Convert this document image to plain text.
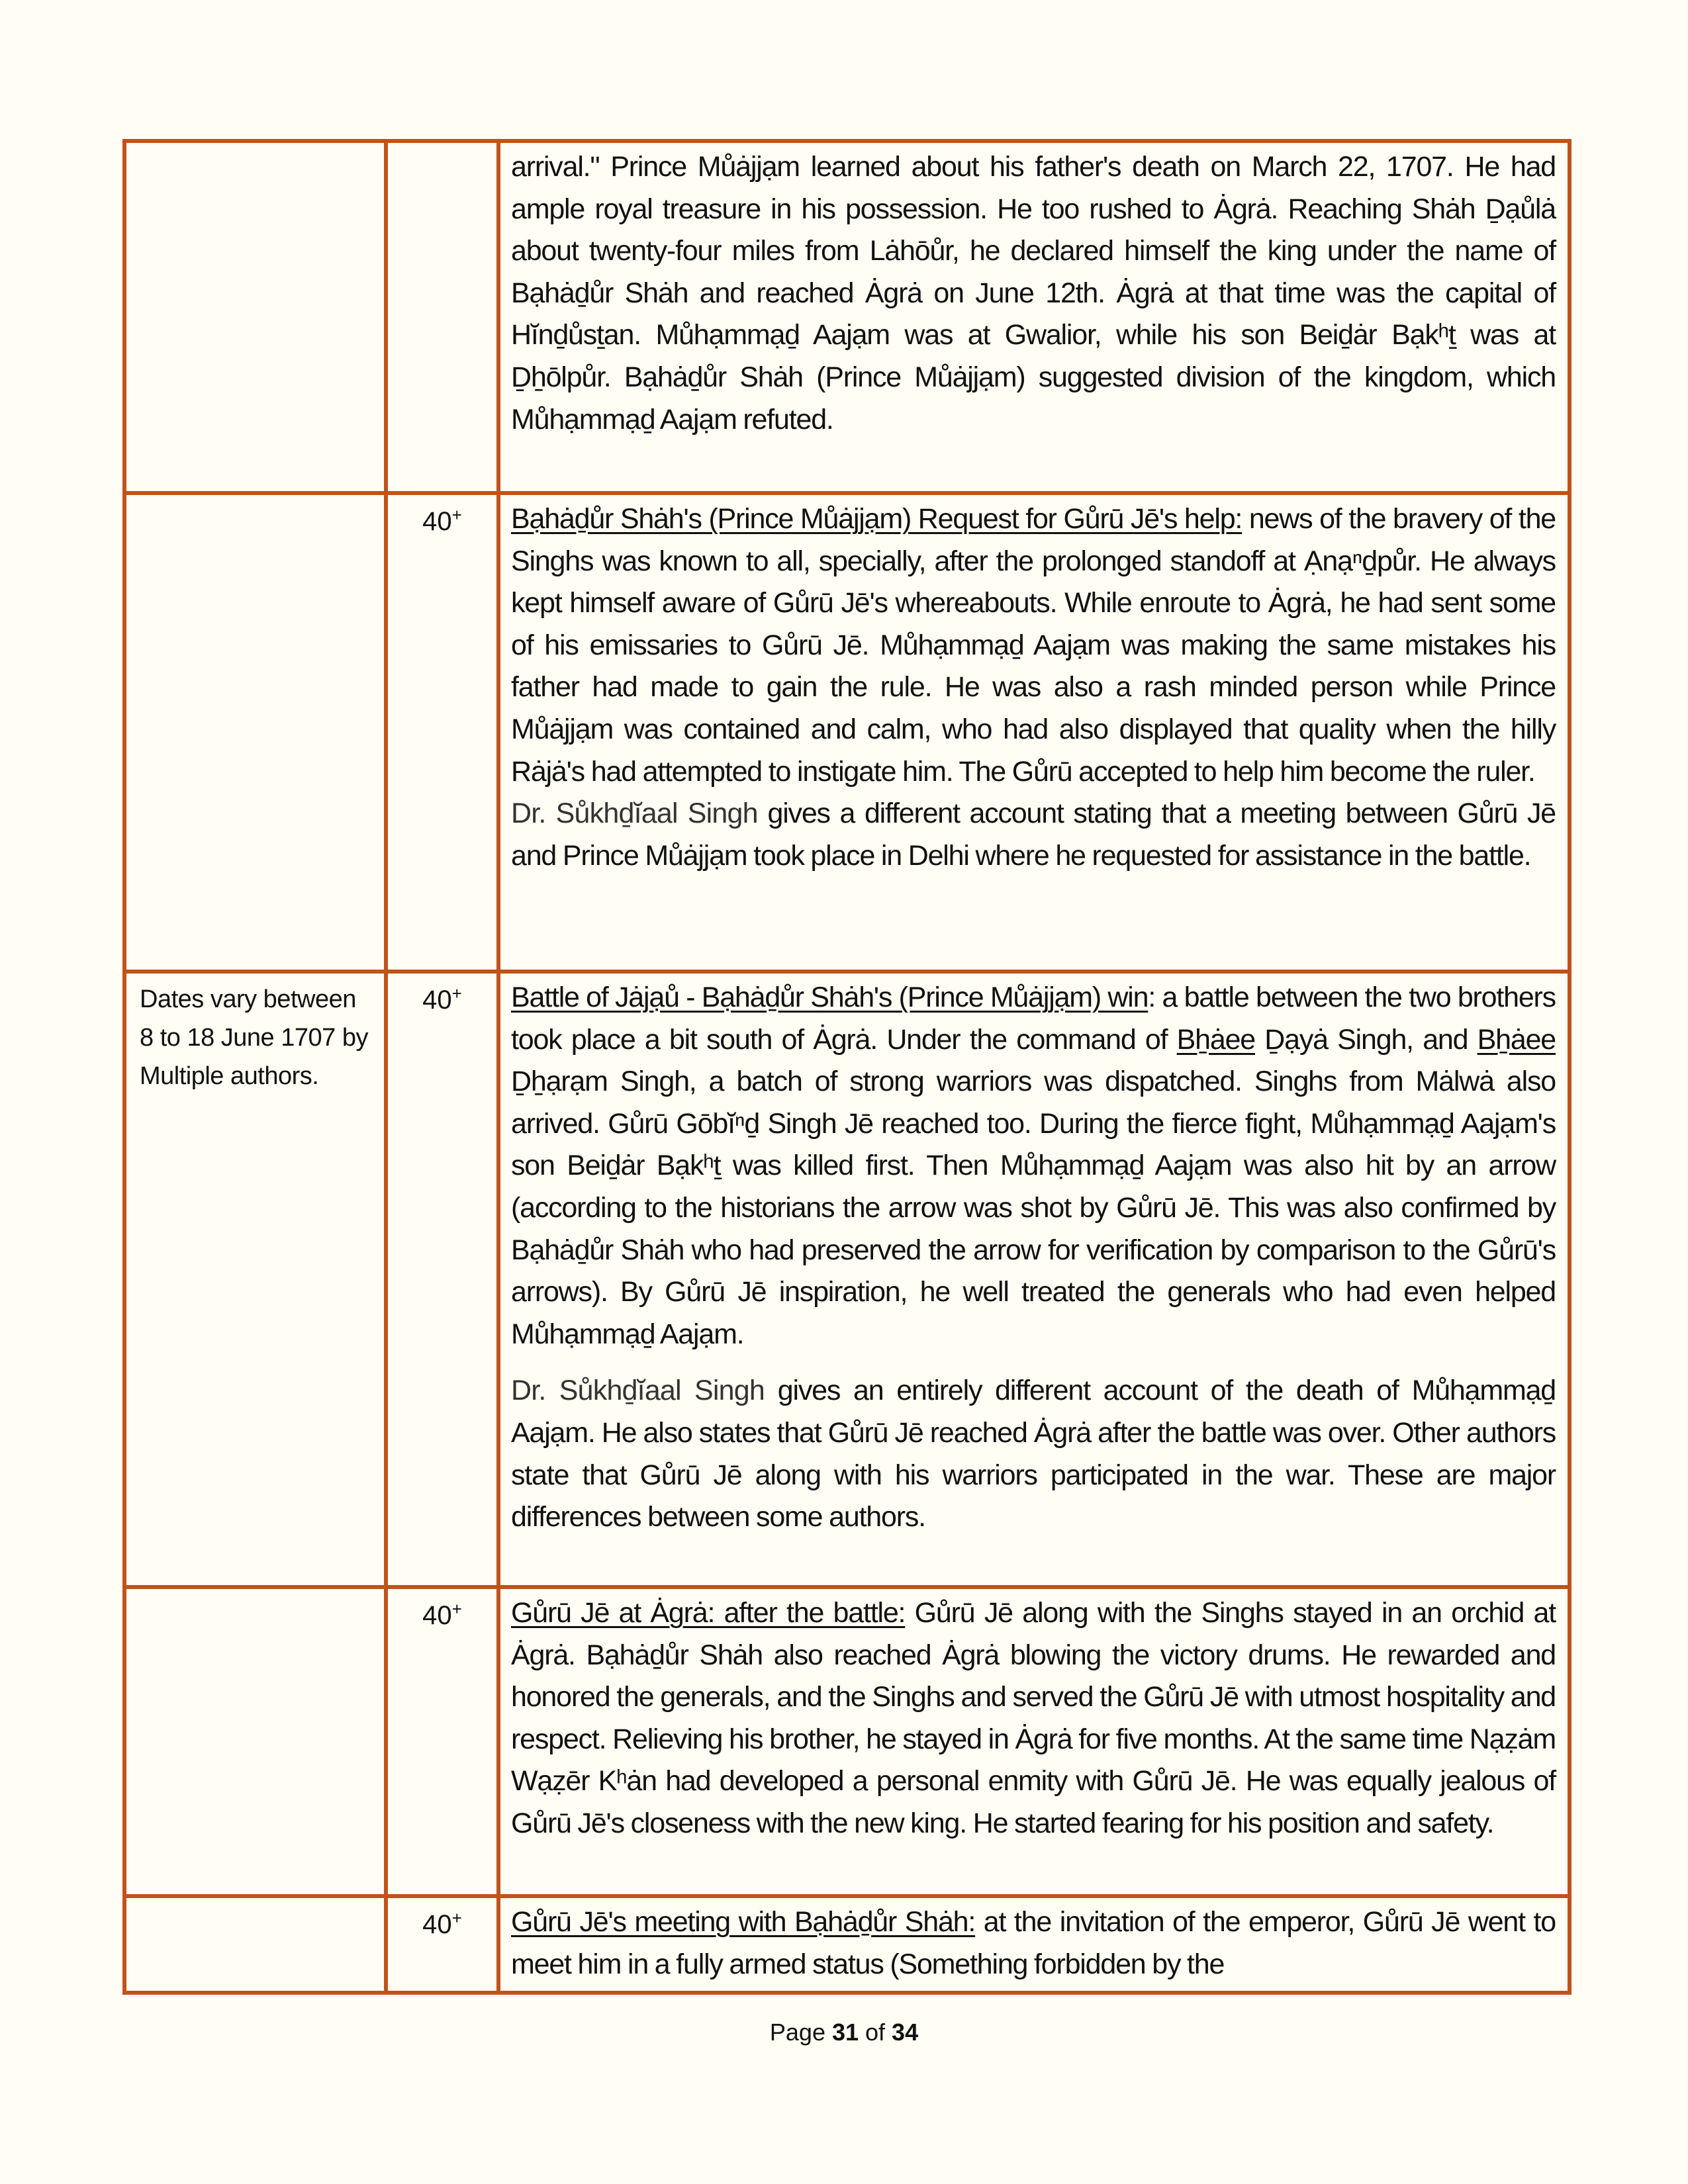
		arrival." Prince Můȧjjạm learned about his father's death on March 22, 1707. He had ample royal treasure in his possession. He too rushed to Ȧgrȧ. Reaching Shȧh Ḏạůlȧ about twenty-four miles from Lȧhōůr, he declared himself the king under the name of Bạhȧḏůr Shȧh and reached Ȧgrȧ on June 12th. Ȧgrȧ at that time was the capital of Hĭnḏůsṯan. Můhạmmạḏ Aajạm was at Gwalior, while his son Beiḏȧr Bạkʰṯ was at Ḏẖōlpůr. Bạhȧḏůr Shȧh (Prince Můȧjjạm) suggested division of the kingdom, which Můhạmmạḏ Aajạm refuted.

	40+	Bạhȧḏůr Shȧh's (Prince Můȧjjạm) Request for Gůrū Jē's help: news of the bravery of the Singhs was known to all, specially, after the prolonged standoff at Ạnạⁿḏpůr. He always kept himself aware of Gůrū Jē's whereabouts. While enroute to Ȧgrȧ, he had sent some of his emissaries to Gůrū Jē. Můhạmmạḏ Aajạm was making the same mistakes his father had made to gain the rule. He was also a rash minded person while Prince Můȧjjạm was contained and calm, who had also displayed that quality when the hilly Rȧjȧ's had attempted to instigate him. The Gůrū accepted to help him become the ruler.

Dr. Sůkhḏĭaal Singh gives a different account stating that a meeting between Gůrū Jē and Prince Můȧjjạm took place in Delhi where he requested for assistance in the battle.

Dates vary between 8 to 18 June 1707 by Multiple authors.	40+	Battle of Jȧjạů - Bạhȧḏůr Shȧh's (Prince Můȧjjạm) win: a battle between the two brothers took place a bit south of Ȧgrȧ. Under the command of Bẖȧee Ḏạyȧ Singh, and Bẖȧee Ḏẖạrạm Singh, a batch of strong warriors was dispatched. Singhs from Mȧlwȧ also arrived. Gůrū Gōbĭⁿḏ Singh Jē reached too. During the fierce fight, Můhạmmạḏ Aajạm's son Beiḏȧr Bạkʰṯ was killed first. Then Můhạmmạḏ Aajạm was also hit by an arrow (according to the historians the arrow was shot by Gůrū Jē. This was also confirmed by Bạhȧḏůr Shȧh who had preserved the arrow for verification by comparison to the Gůrū's arrows). By Gůrū Jē inspiration, he well treated the generals who had even helped Můhạmmạḏ Aajạm.

Dr. Sůkhḏĭaal Singh gives an entirely different account of the death of Můhạmmạḏ Aajạm. He also states that Gůrū Jē reached Ȧgrȧ after the battle was over. Other authors state that Gůrū Jē along with his warriors participated in the war. These are major differences between some authors.

	40+	Gůrū Jē at Ȧgrȧ: after the battle: Gůrū Jē along with the Singhs stayed in an orchid at Ȧgrȧ. Bạhȧḏůr Shȧh also reached Ȧgrȧ blowing the victory drums. He rewarded and honored the generals, and the Singhs and served the Gůrū Jē with utmost hospitality and respect. Relieving his brother, he stayed in Ȧgrȧ for five months. At the same time Nạẓȧm Wạẓēr Kʰȧn had developed a personal enmity with Gůrū Jē. He was equally jealous of Gůrū Jē's closeness with the new king. He started fearing for his position and safety.

	40+	Gůrū Jē's meeting with Bạhȧḏůr Shȧh: at the invitation of the emperor, Gůrū Jē went to meet him in a fully armed status (Something forbidden by the

Page 31 of 34
